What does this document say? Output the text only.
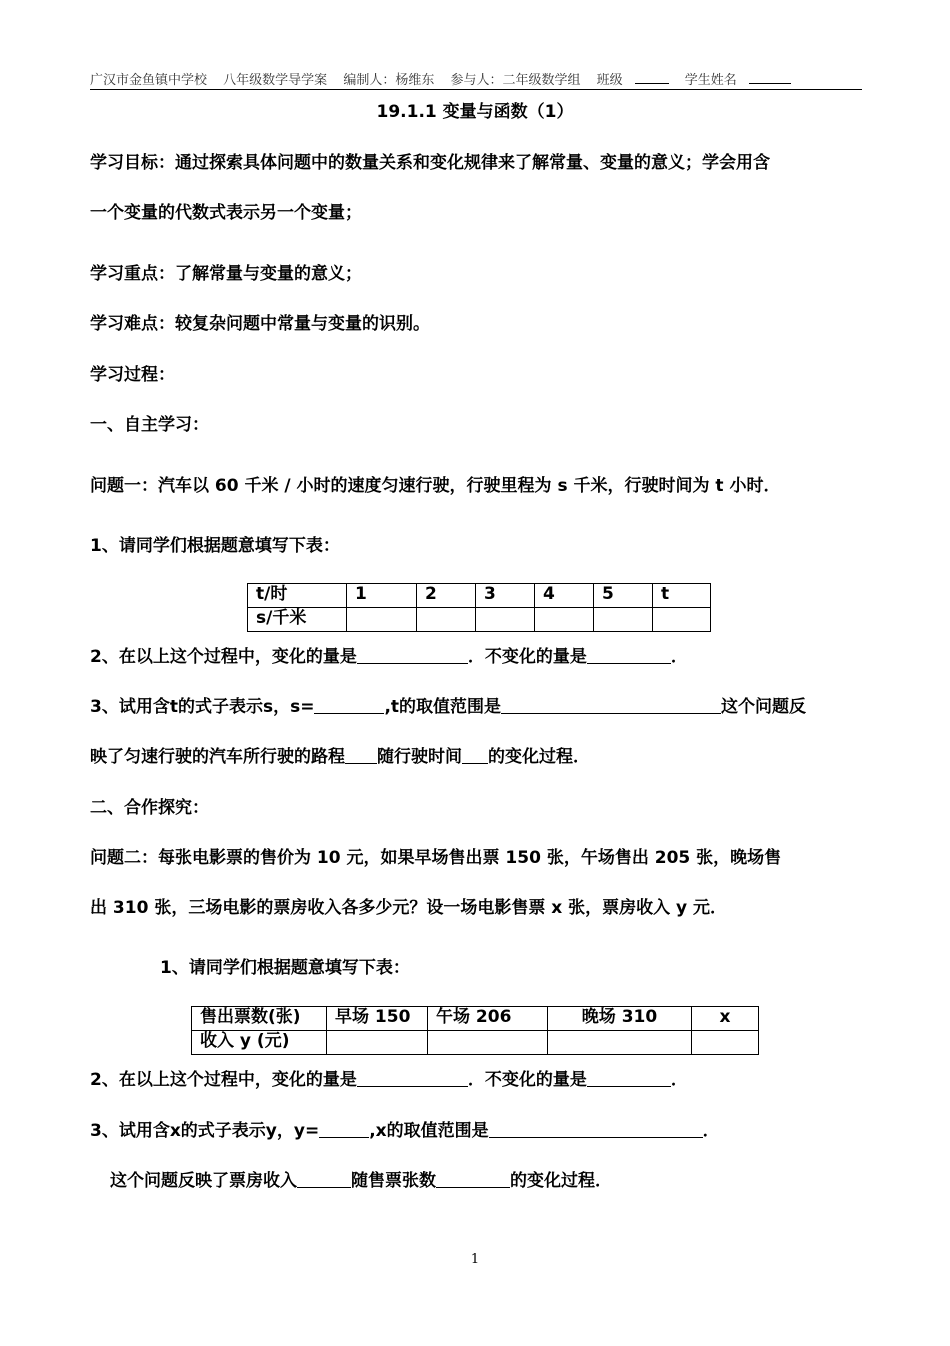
广汉市金鱼镇中学校 八年级数学导学案 编制人：杨维东 参与人：二年级数学组 班级	学生姓名
19.1.1 变量与函数（1）
学习目标：通过探索具体问题中的数量关系和变化规律来了解常量、变量的意义；学会用含
一个变量的代数式表示另一个变量；
学习重点：了解常量与变量的意义；
学习难点：较复杂问题中常量与变量的识别。
学习过程：
一、自主学习：
问题一：汽车以 60 千米 / 小时的速度匀速行驶，行驶里程为 s 千米，行驶时间为 t 小时．
1、请同学们根据题意填写下表：
t/时	1	2	3	4	5	t
s/千米						
2、在以上这个过程中，变化的量是	．不变化的量是	．
3、试用含t的式子表示s，s=	,t的取值范围是	这个问题反
映了匀速行驶的汽车所行驶的路程 随行驶时间 的变化过程．
二、合作探究：
问题二：每张电影票的售价为 10 元，如果早场售出票 150 张，午场售出 205 张，晚场售
出 310 张，三场电影的票房收入各多少元？设一场电影售票 x 张，票房收入 y 元．
1、请同学们根据题意填写下表：
售出票数(张)	早场 150	午场 206	晚场 310	x
收入 y (元)				
2、在以上这个过程中，变化的量是	．不变化的量是	．
3、试用含x的式子表示y，y=	,x的取值范围是	．
这个问题反映了票房收入	随售票张数	的变化过程．
1
